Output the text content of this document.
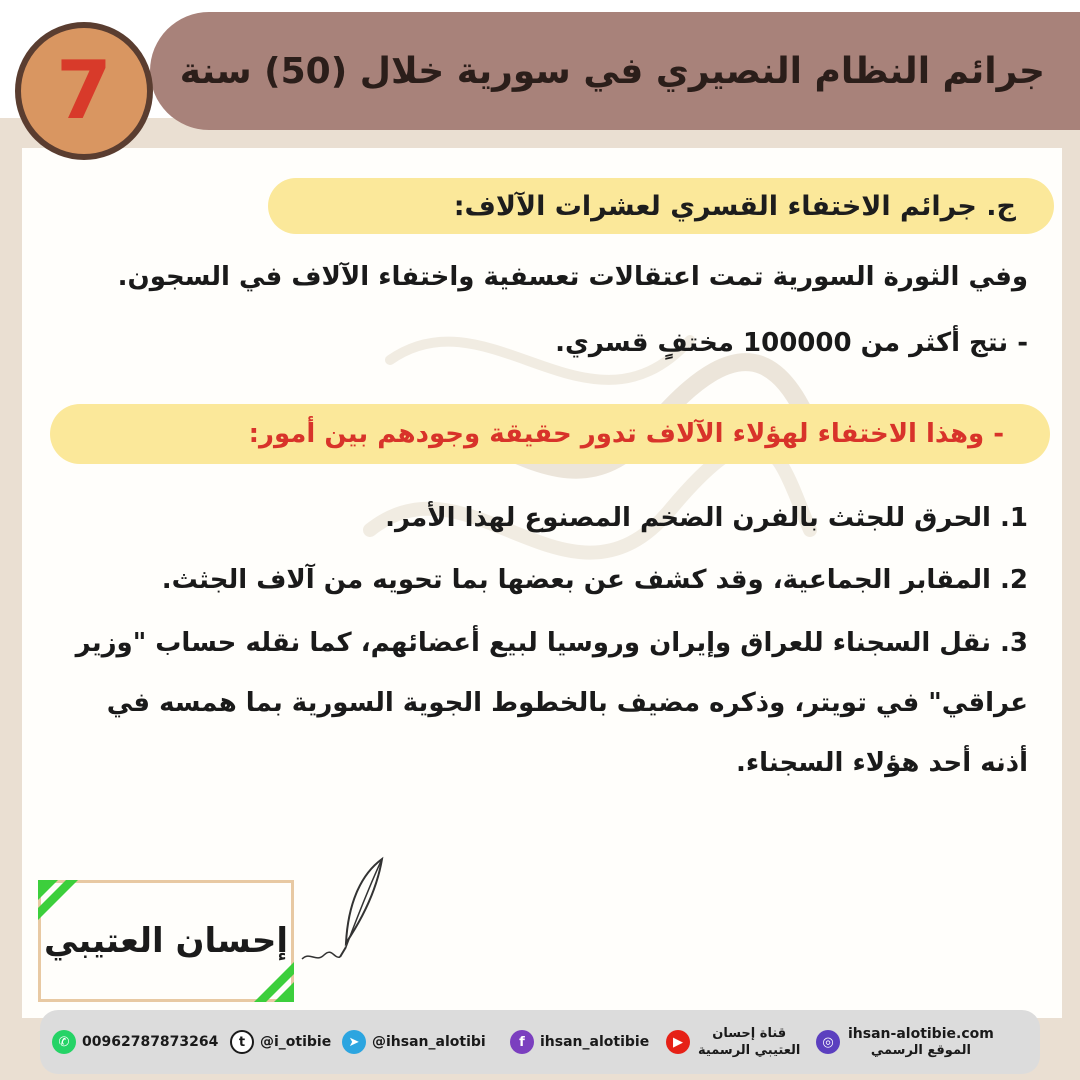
جرائم النظام النصيري في سورية خلال (50) سنة
7
ج. جرائم الاختفاء القسري لعشرات الآلاف:
وفي الثورة السورية تمت اعتقالات تعسفية واختفاء الآلاف في السجون.
- نتج أكثر من 100000 مختفٍ قسري.
- وهذا الاختفاء لهؤلاء الآلاف تدور حقيقة وجودهم بين أمور:
1. الحرق للجثث بالفرن الضخم المصنوع لهذا الأمر.
2. المقابر الجماعية، وقد كشف عن بعضها بما تحويه من آلاف الجثث.
3. نقل السجناء للعراق وإيران وروسيا لبيع أعضائهم، كما نقله حساب "وزير
عراقي" في تويتر، وذكره مضيف بالخطوط الجوية السورية بما همسه في
أذنه أحد هؤلاء السجناء.
إحسان العتيبي
✆ 00962787873264	t	@i_otibie	➤ @ihsan_alotibi	f	ihsan_alotibie	▶
قناة إحسان
العتيبي الرسمية
◎
ihsan-alotibie.com
الموقع الرسمي
